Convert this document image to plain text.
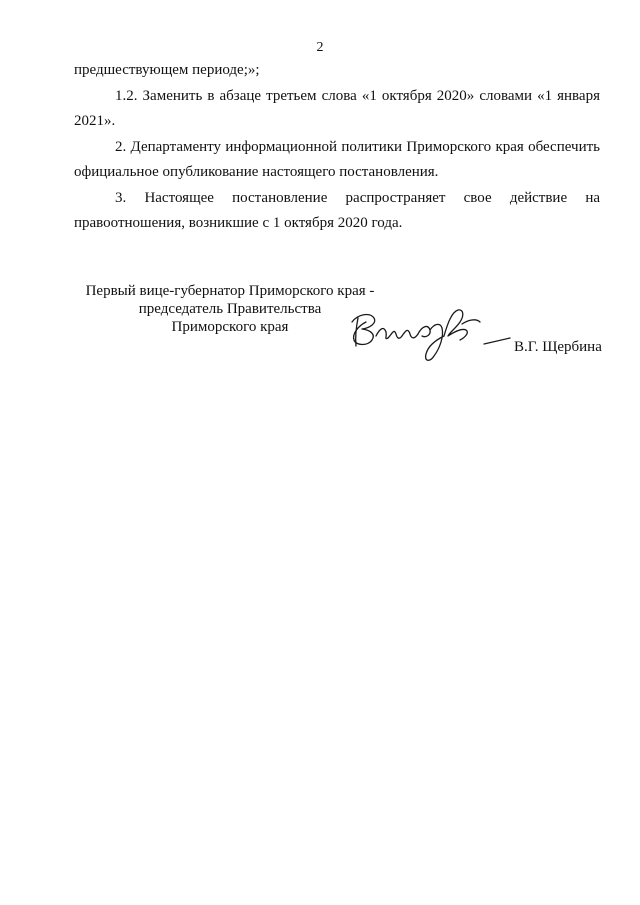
2

предшествующем периоде;»;

1.2. Заменить в абзаце третьем слова «1 октября 2020» словами «1 января 2021».

2. Департаменту информационной политики Приморского края обеспечить официальное опубликование настоящего постановления.

3. Настоящее постановление распространяет свое действие на правоотношения, возникшие с 1 октября 2020 года.

Первый вице-губернатор Приморского края -
председатель Правительства
Приморского края
В.Г. Щербина
